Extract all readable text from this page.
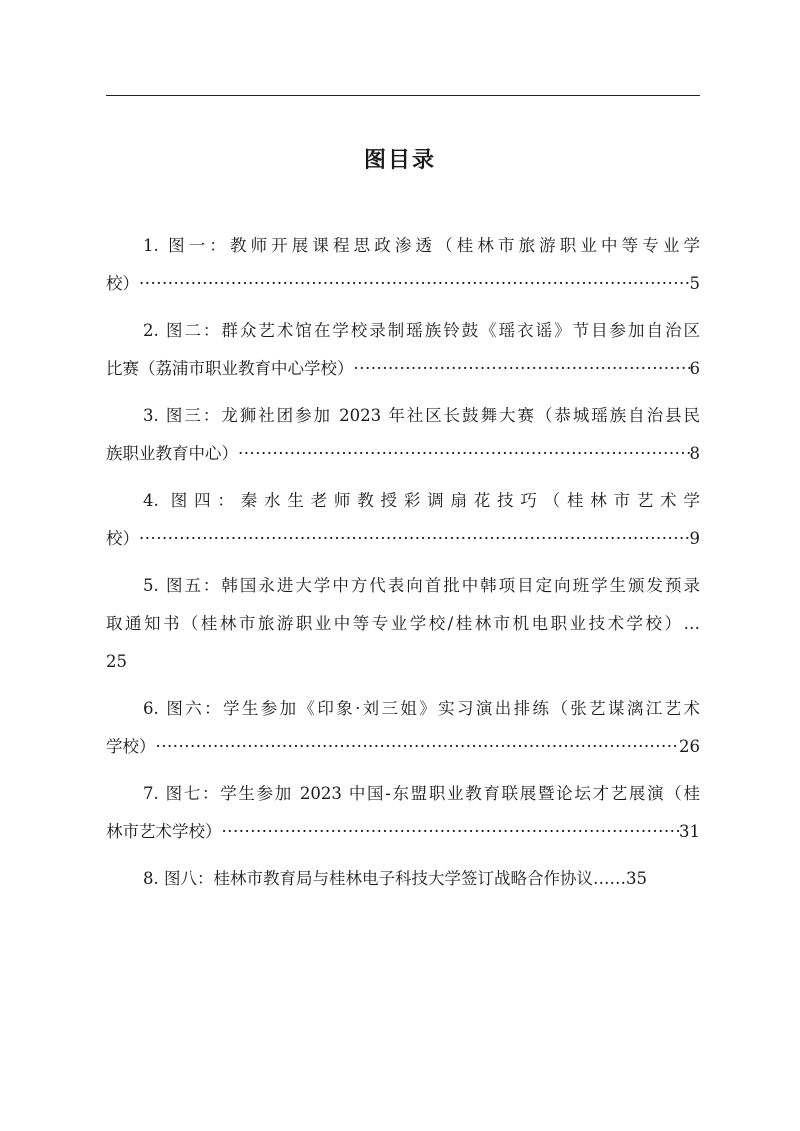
图目录
1. 图一：教师开展课程思政渗透（桂林市旅游职业中等专业学
校） ·····	5
2. 图二：群众艺术馆在学校录制瑶族铃鼓《瑶衣谣》节目参加自治区
比赛（荔浦市职业教育中心学校） ·····	6
3. 图三：龙狮社团参加 2023 年社区长鼓舞大赛（恭城瑶族自治县民
族职业教育中心） ·····	8
4. 图四：秦水生老师教授彩调扇花技巧（桂林市艺术学
校） ·····	9
5. 图五：韩国永进大学中方代表向首批中韩项目定向班学生颁发预录
取通知书（桂林市旅游职业中等专业学校/桂林市机电职业技术学校）…
25
6. 图六：学生参加《印象·刘三姐》实习演出排练（张艺谋漓江艺术
学校） ·····	26
7. 图七：学生参加 2023 中国-东盟职业教育联展暨论坛才艺展演（桂
林市艺术学校） ·····	31
8. 图八：桂林市教育局与桂林电子科技大学签订战略合作协议 …… 35
